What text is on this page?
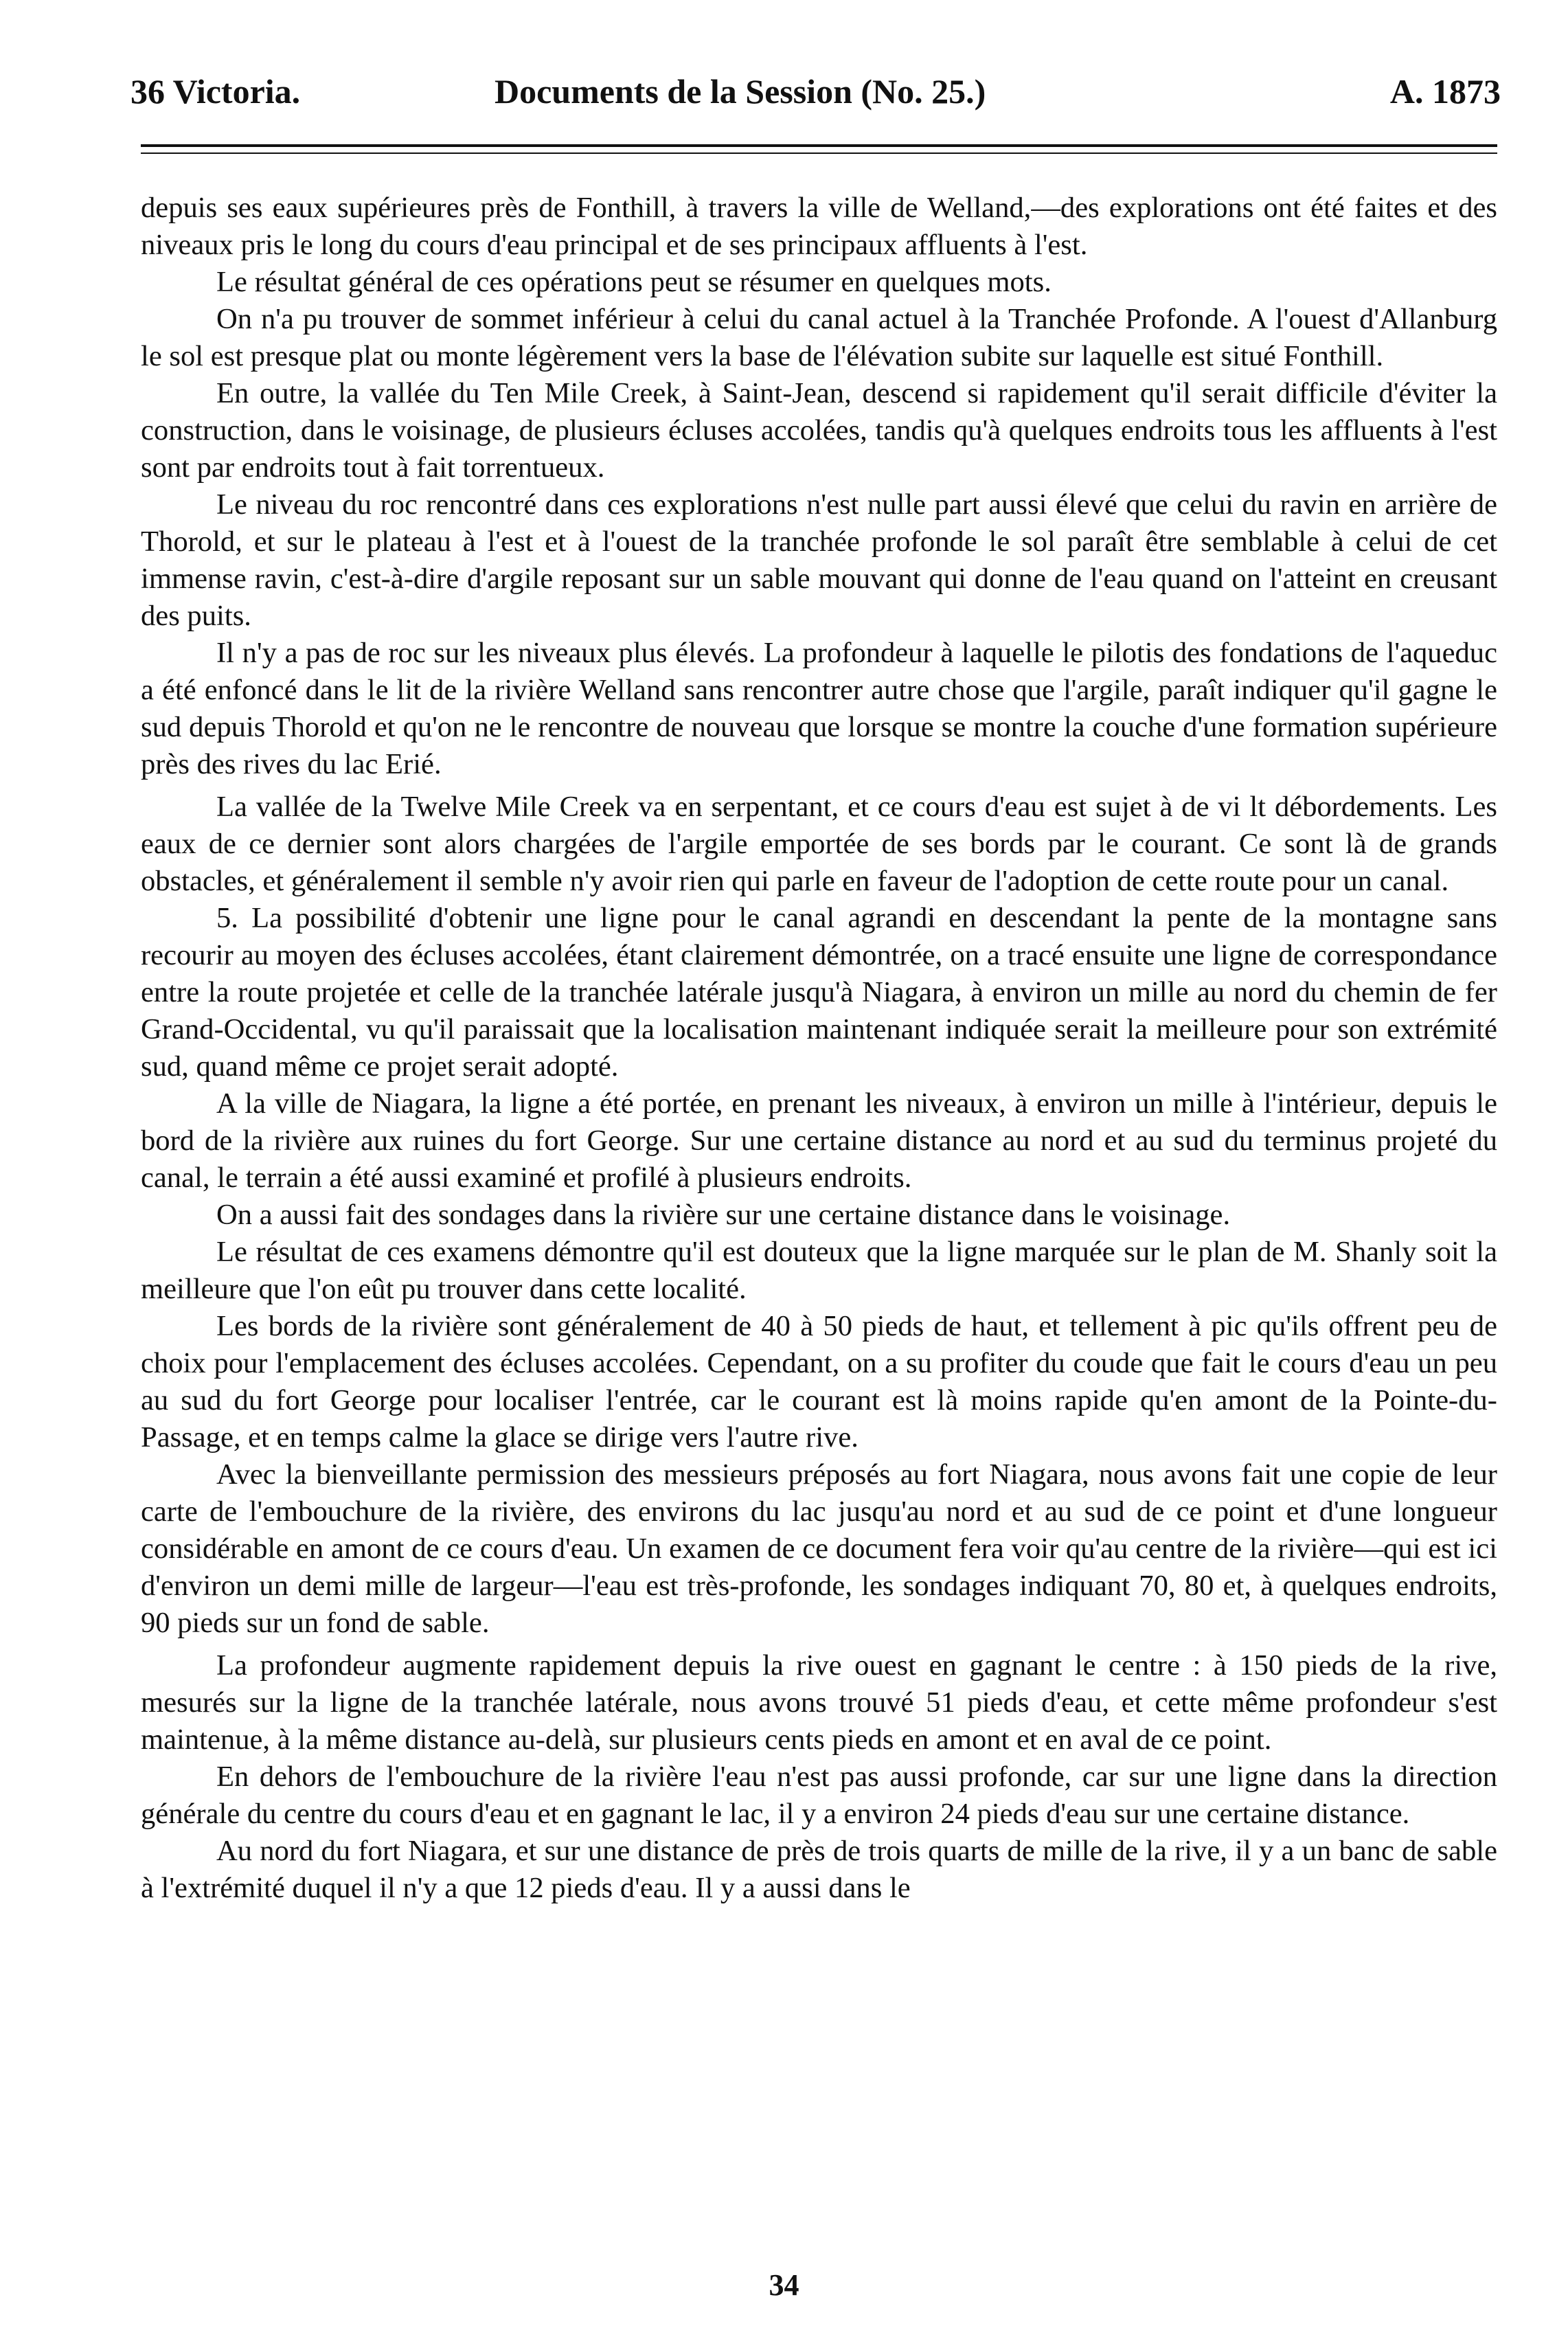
36 Victoria.	Documents de la Session (No. 25.)	A. 1873

depuis ses eaux supérieures près de Fonthill, à travers la ville de Welland,—des explorations ont été faites et des niveaux pris le long du cours d'eau principal et de ses principaux affluents à l'est.

Le résultat général de ces opérations peut se résumer en quelques mots.

On n'a pu trouver de sommet inférieur à celui du canal actuel à la Tranchée Profonde. A l'ouest d'Allanburg le sol est presque plat ou monte légèrement vers la base de l'élévation subite sur laquelle est situé Fonthill.

En outre, la vallée du Ten Mile Creek, à Saint-Jean, descend si rapidement qu'il serait difficile d'éviter la construction, dans le voisinage, de plusieurs écluses accolées, tandis qu'à quelques endroits tous les affluents à l'est sont par endroits tout à fait torrentueux.

Le niveau du roc rencontré dans ces explorations n'est nulle part aussi élevé que celui du ravin en arrière de Thorold, et sur le plateau à l'est et à l'ouest de la tranchée profonde le sol paraît être semblable à celui de cet immense ravin, c'est-à-dire d'argile reposant sur un sable mouvant qui donne de l'eau quand on l'atteint en creusant des puits.

Il n'y a pas de roc sur les niveaux plus élevés. La profondeur à laquelle le pilotis des fondations de l'aqueduc a été enfoncé dans le lit de la rivière Welland sans rencontrer autre chose que l'argile, paraît indiquer qu'il gagne le sud depuis Thorold et qu'on ne le rencontre de nouveau que lorsque se montre la couche d'une formation supérieure près des rives du lac Erié.

La vallée de la Twelve Mile Creek va en serpentant, et ce cours d'eau est sujet à de vi lt débordements. Les eaux de ce dernier sont alors chargées de l'argile emportée de ses bords par le courant. Ce sont là de grands obstacles, et généralement il semble n'y avoir rien qui parle en faveur de l'adoption de cette route pour un canal.

5. La possibilité d'obtenir une ligne pour le canal agrandi en descendant la pente de la montagne sans recourir au moyen des écluses accolées, étant clairement démontrée, on a tracé ensuite une ligne de correspondance entre la route projetée et celle de la tranchée latérale jusqu'à Niagara, à environ un mille au nord du chemin de fer Grand-Occidental, vu qu'il paraissait que la localisation maintenant indiquée serait la meilleure pour son extrémité sud, quand même ce projet serait adopté.

A la ville de Niagara, la ligne a été portée, en prenant les niveaux, à environ un mille à l'intérieur, depuis le bord de la rivière aux ruines du fort George. Sur une certaine distance au nord et au sud du terminus projeté du canal, le terrain a été aussi examiné et profilé à plusieurs endroits.

On a aussi fait des sondages dans la rivière sur une certaine distance dans le voisinage.

Le résultat de ces examens démontre qu'il est douteux que la ligne marquée sur le plan de M. Shanly soit la meilleure que l'on eût pu trouver dans cette localité.

Les bords de la rivière sont généralement de 40 à 50 pieds de haut, et tellement à pic qu'ils offrent peu de choix pour l'emplacement des écluses accolées. Cependant, on a su profiter du coude que fait le cours d'eau un peu au sud du fort George pour localiser l'entrée, car le courant est là moins rapide qu'en amont de la Pointe-du-Passage, et en temps calme la glace se dirige vers l'autre rive.

Avec la bienveillante permission des messieurs préposés au fort Niagara, nous avons fait une copie de leur carte de l'embouchure de la rivière, des environs du lac jusqu'au nord et au sud de ce point et d'une longueur considérable en amont de ce cours d'eau. Un examen de ce document fera voir qu'au centre de la rivière—qui est ici d'environ un demi mille de largeur—l'eau est très-profonde, les sondages indiquant 70, 80 et, à quelques endroits, 90 pieds sur un fond de sable.

La profondeur augmente rapidement depuis la rive ouest en gagnant le centre : à 150 pieds de la rive, mesurés sur la ligne de la tranchée latérale, nous avons trouvé 51 pieds d'eau, et cette même profondeur s'est maintenue, à la même distance au-delà, sur plusieurs cents pieds en amont et en aval de ce point.

En dehors de l'embouchure de la rivière l'eau n'est pas aussi profonde, car sur une ligne dans la direction générale du centre du cours d'eau et en gagnant le lac, il y a environ 24 pieds d'eau sur une certaine distance.

Au nord du fort Niagara, et sur une distance de près de trois quarts de mille de la rive, il y a un banc de sable à l'extrémité duquel il n'y a que 12 pieds d'eau. Il y a aussi dans le

34
